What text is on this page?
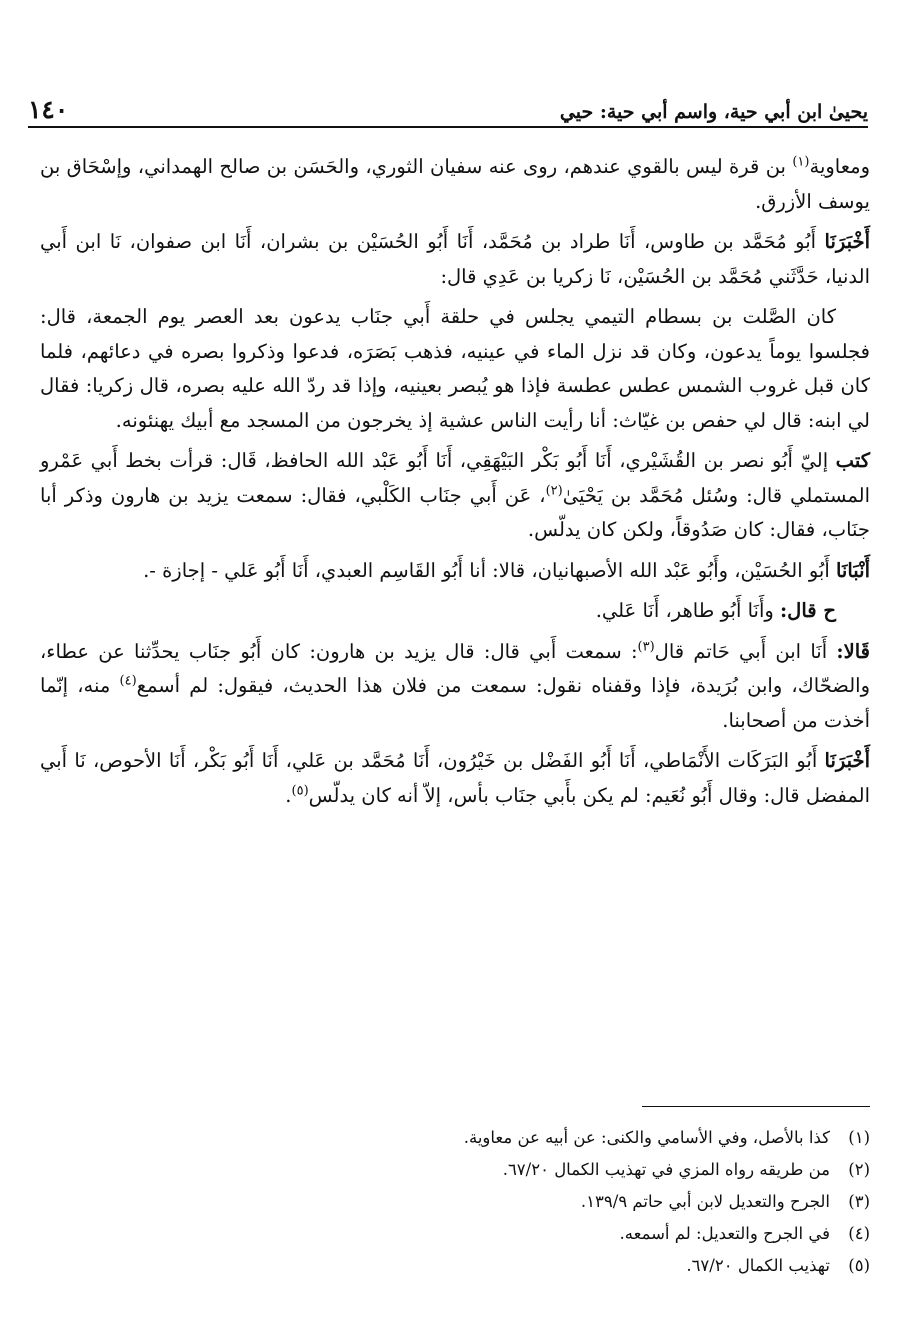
يحيىٰ ابن أبي حية، واسم أبي حية: حيي
١٤٠

ومعاوية$^{(١)}$ بن قرة ليس بالقوي عندهم، روى عنه سفيان الثوري، والحَسَن بن صالح الهمداني، وإسْحَاق بن يوسف الأزرق.

أَخْبَرَنَا أَبُو مُحَمَّد بن طاوس، أَنَا طراد بن مُحَمَّد، أَنَا أَبُو الحُسَيْن بن بشران، أَنَا ابن صفوان، نَا ابن أَبي الدنيا، حَدَّثَني مُحَمَّد بن الحُسَيْن، نَا زكريا بن عَدِي قال:

كان الصَّلت بن بسطام التيمي يجلس في حلقة أَبي جنَاب يدعون بعد العصر يوم الجمعة، قال: فجلسوا يوماً يدعون، وكان قد نزل الماء في عينيه، فذهب بَصَرَه، فدعوا وذكروا بصره في دعائهم، فلما كان قبل غروب الشمس عطس عطسة فإذا هو يُبصر بعينيه، وإذا قد ردّ الله عليه بصره، قال زكريا: فقال لي ابنه: قال لي حفص بن غيّاث: أنا رأيت الناس عشية إذ يخرجون من المسجد مع أبيك يهنئونه.

كتب إليّ أَبُو نصر بن القُشَيْري، أَنَا أَبُو بَكْر البَيْهَقِي، أَنَا أَبُو عَبْد الله الحافظ، قَال: قرأت بخط أَبي عَمْرو المستملي قال: وسُئل مُحَمَّد بن يَحْيَىٰ$^{(٢)}$، عَن أَبي جنَاب الكَلْبي، فقال: سمعت يزيد بن هارون وذكر أبا جنَاب، فقال: كان صَدُوقاً، ولكن كان يدلّس.

أَنْبَانَا أَبُو الحُسَيْن، وأَبُو عَبْد الله الأصبهانيان، قالا: أنا أَبُو القَاسِم العبدي، أَنَا أَبُو عَلي - إجازة -.

ح قال: وأَنَا أَبُو طاهر، أَنَا عَلي.

قَالا: أَنَا ابن أَبي حَاتم قال$^{(٣)}$: سمعت أَبي قال: قال يزيد بن هارون: كان أَبُو جنَاب يحدِّثنا عن عطاء، والضحّاك، وابن بُرَيدة، فإذا وقفناه نقول: سمعت من فلان هذا الحديث، فيقول: لم أسمع$^{(٤)}$ منه، إنّما أخذت من أصحابنا.

أَخْبَرَنَا أَبُو البَرَكَات الأَنْمَاطي، أَنَا أَبُو الفَضْل بن خَيْرُون، أَنَا مُحَمَّد بن عَلي، أَنَا أَبُو بَكْر، أَنَا الأحوص، نَا أَبي المفضل قال: وقال أَبُو نُعَيم: لم يكن بأَبي جنَاب بأس، إلاّ أنه كان يدلّس$^{(٥)}$.

(١)
كذا بالأصل، وفي الأسامي والكنى: عن أبيه عن معاوية.
(٢)
من طريقه رواه المزي في تهذيب الكمال ٦٧/٢٠.
(٣)
الجرح والتعديل لابن أبي حاتم ١٣٩/٩.
(٤)
في الجرح والتعديل: لم أسمعه.
(٥)
تهذيب الكمال ٦٧/٢٠.
